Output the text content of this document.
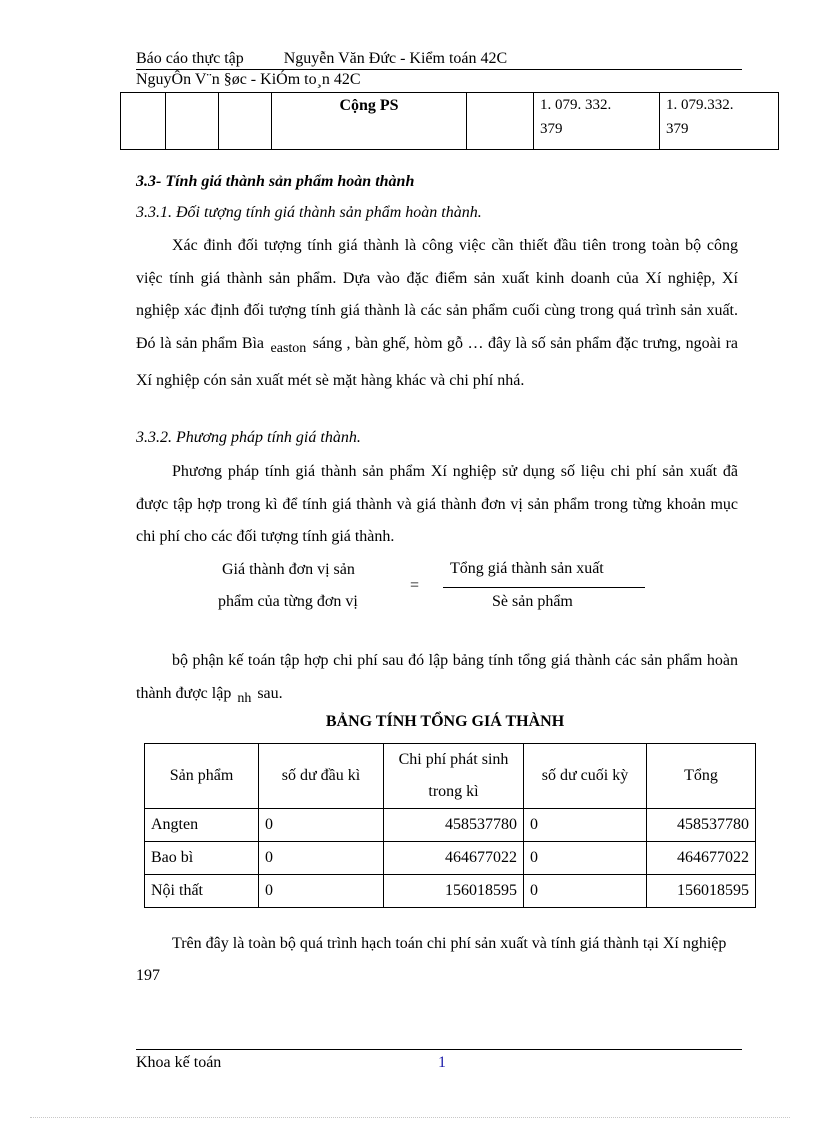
Báo cáo thực tập	Nguyễn Văn Đức - Kiểm toán 42C
NguyÔn V¨n §øc - KiÓm to¸n 42C
			Cộng PS		1. 079. 332.
379	1. 079.332.
379
3.3- Tính giá thành sản phẩm hoàn thành
3.3.1. Đối tượng tính giá thành sản phẩm hoàn thành.

Xác đinh đối tượng tính giá thành là công việc cần thiết đầu tiên trong toàn bộ công việc tính giá thành sản phẩm. Dựa vào đặc điểm sản xuất kinh doanh của Xí nghiệp, Xí nghiệp xác định đối tượng tính giá thành là các sản phẩm cuối cùng trong quá trình sản xuất. Đó là sản phẩm Bìa easton sáng , bàn ghế, hòm gỗ … đây là số sản phẩm đặc trưng, ngoài ra Xí nghiệp cón sản xuất mét sè mặt hàng khác và chi phí nhá.

3.3.2. Phương pháp tính giá thành.

Phương pháp tính giá thành sản phẩm Xí nghiệp sử dụng số liệu chi phí sản xuất đã được tập hợp trong kì để tính giá thành và giá thành đơn vị sản phẩm trong từng khoản mục chi phí cho các đối tượng tính giá thành.

Giá thành đơn vị sản
phẩm của từng đơn vị
=
Tổng giá thành sản xuất
Sè sản phẩm

bộ phận kế toán tập hợp chi phí sau đó lập bảng tính tổng giá thành các sản phẩm hoàn thành được lập nh sau.

BẢNG TÍNH TỔNG GIÁ THÀNH
Sản phẩm	số dư đầu kì	Chi phí phát sinh trong kì	số dư cuối kỳ	Tổng
Angten	0	458537780	0	458537780
Bao bì	0	464677022	0	464677022
Nội thất	0	156018595	0	156018595

Trên đây là toàn bộ quá trình hạch toán chi phí sản xuất và tính giá thành tại Xí nghiệp 197

Khoa kế toán	1
